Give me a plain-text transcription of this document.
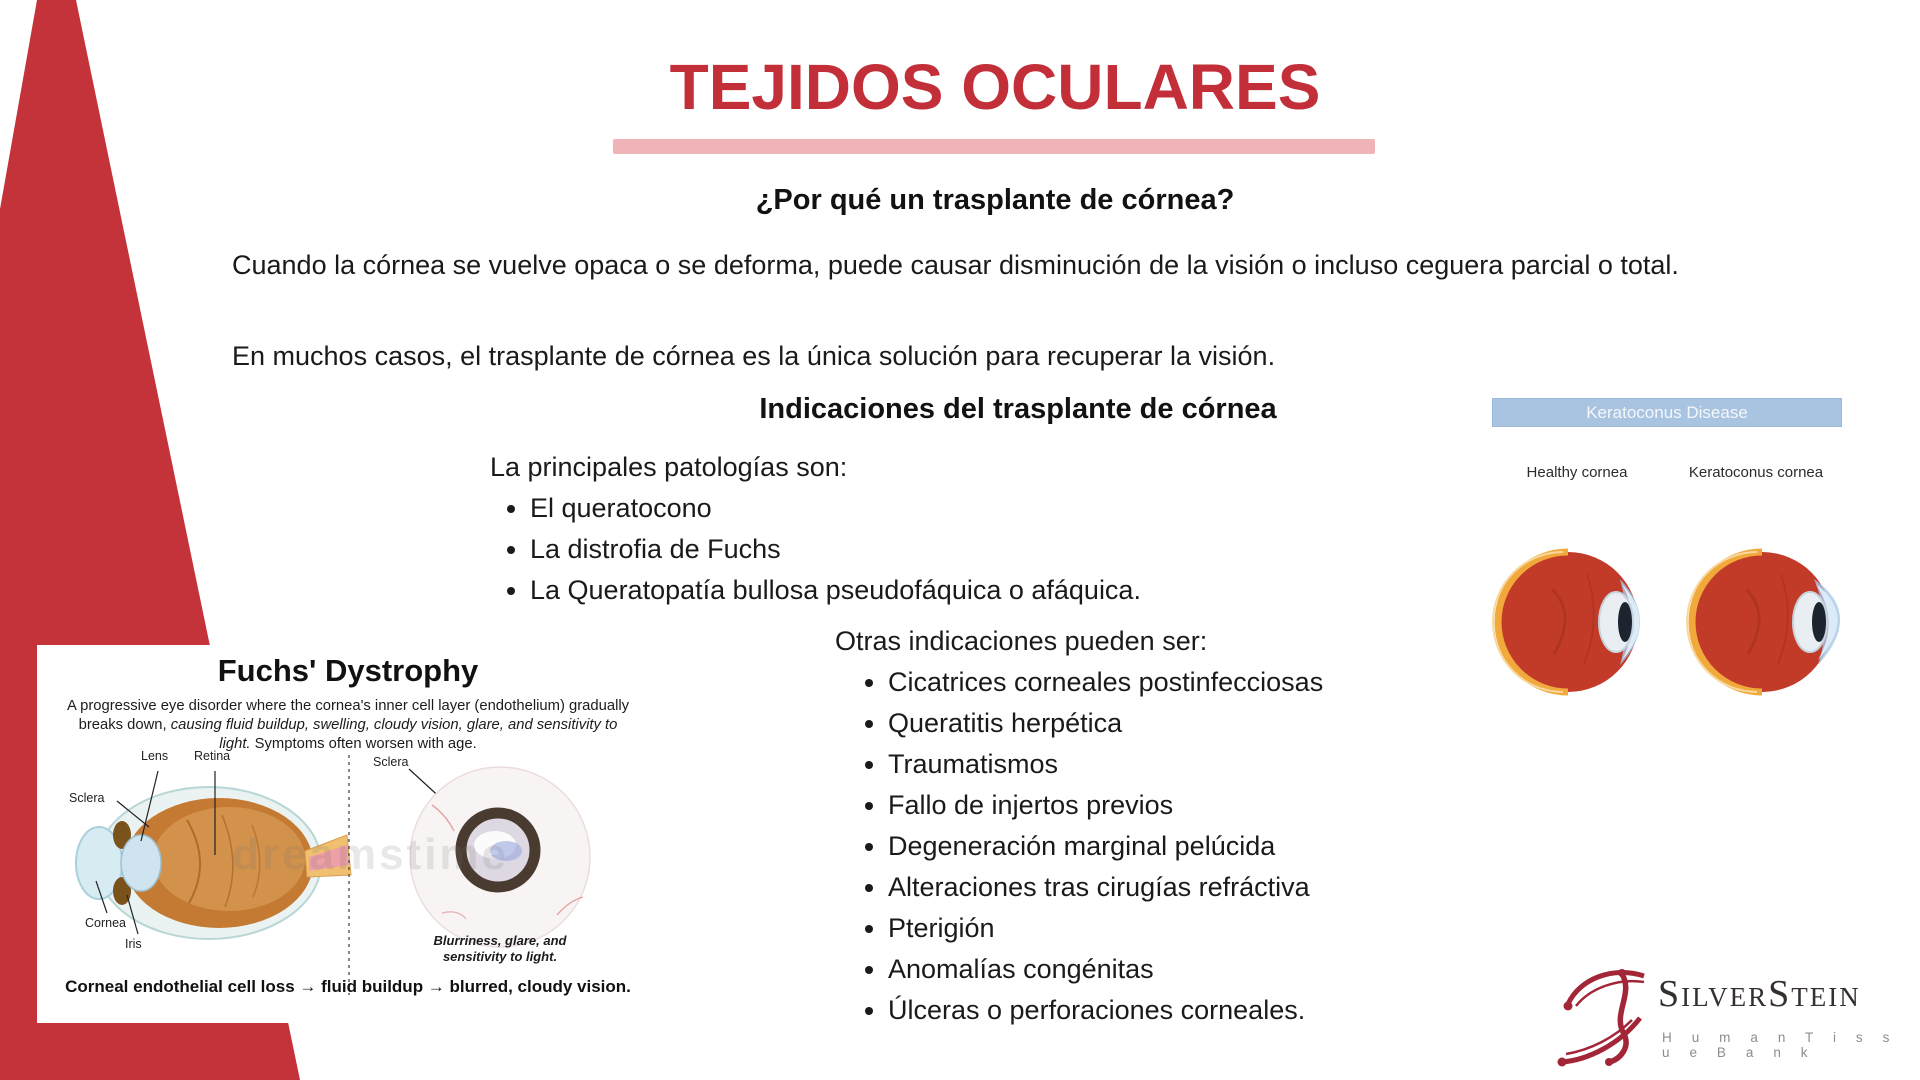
TEJIDOS OCULARES
¿Por qué un trasplante de córnea?
Cuando la córnea se vuelve opaca o se deforma, puede causar disminución de la visión o incluso ceguera parcial o total.
En muchos casos, el trasplante de córnea es la única solución para recuperar la visión.
Indicaciones del trasplante de córnea
La principales patologías son:
• El queratocono
• La distrofia de Fuchs
• La Queratopatía bullosa pseudofáquica o afáquica.
Otras indicaciones pueden ser:
• Cicatrices corneales postinfecciosas
• Queratitis herpética
• Traumatismos
• Fallo de injertos previos
• Degeneración marginal pelúcida
• Alteraciones tras cirugías refráctiva
• Pterigión
• Anomalías congénitas
• Úlceras o perforaciones corneales.
Keratoconus Disease
Healthy cornea	Keratoconus cornea
Fuchs' Dystrophy
A progressive eye disorder where the cornea's inner cell layer (endothelium) gradually breaks down, causing fluid buildup, swelling, cloudy vision, glare, and sensitivity to light. Symptoms often worsen with age.
Lens Retina
Sclera
Cornea
Iris
Sclera
dreamstime
Blurriness, glare, and
sensitivity to light.
Corneal endothelial cell loss → fluid buildup → blurred, cloudy vision.	S ILVER S TEIN
H u m a n T i s s u e B a n k
